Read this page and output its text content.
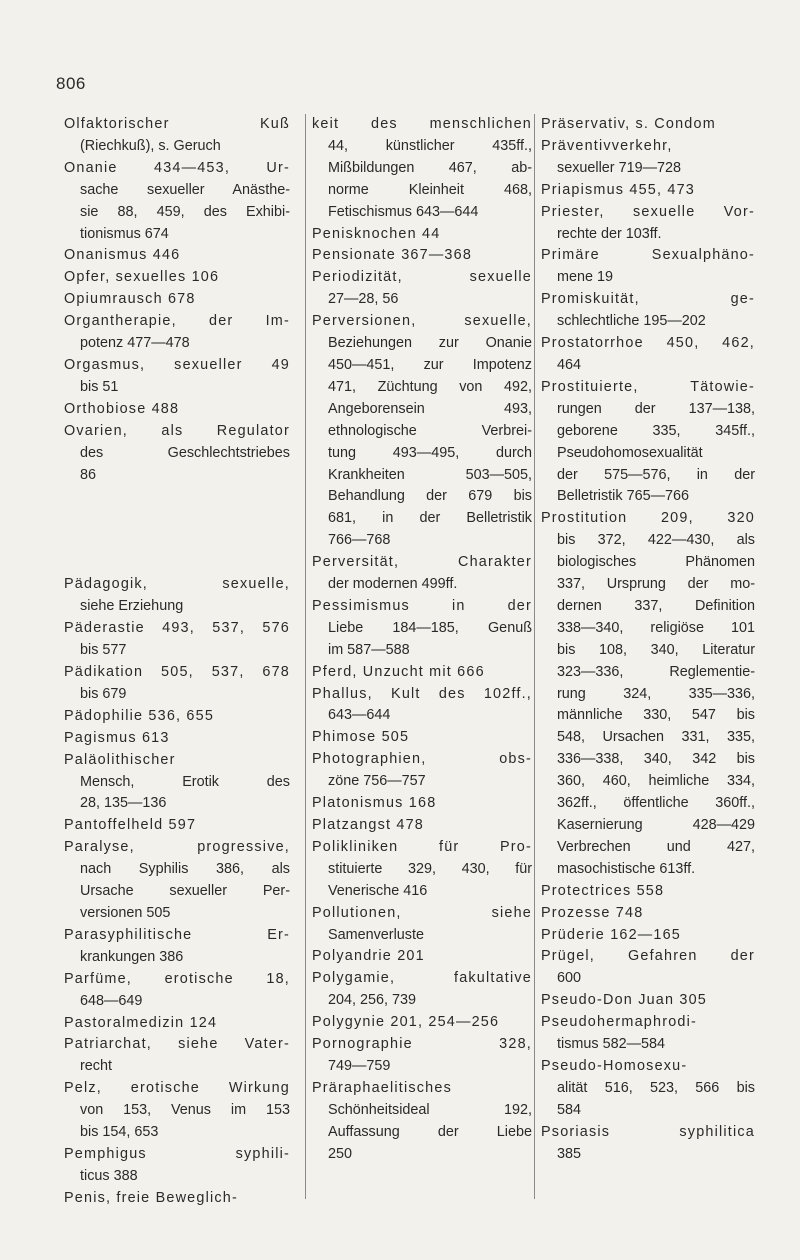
806
Olfaktorischer Kuß
(Riechkuß), s. Geruch
Onanie 434—453, Ur-
sache sexueller Anästhe-
sie 88, 459, des Exhibi-
tionismus 674
Onanismus 446
Opfer, sexuelles 106
Opiumrausch 678
Organtherapie, der Im-
potenz 477—478
Orgasmus, sexueller 49
bis 51
Orthobiose 488
Ovarien, als Regulator
des Geschlechtstriebes
86
Pädagogik, sexuelle,
siehe Erziehung
Päderastie 493, 537, 576
bis 577
Pädikation 505, 537, 678
bis 679
Pädophilie 536, 655
Pagismus 613
Paläolithischer
Mensch, Erotik des
28, 135—136
Pantoffelheld 597
Paralyse, progressive,
nach Syphilis 386, als
Ursache sexueller Per-
versionen 505
Parasyphilitische Er-
krankungen 386
Parfüme, erotische 18,
648—649
Pastoralmedizin 124
Patriarchat, siehe Vater-
recht
Pelz, erotische Wirkung
von 153, Venus im 153
bis 154, 653
Pemphigus syphili-
ticus 388
Penis, freie Beweglich-
keit des menschlichen
44, künstlicher 435ff.,
Mißbildungen 467, ab-
norme Kleinheit 468,
Fetischismus 643—644
Penisknochen 44
Pensionate 367—368
Periodizität, sexuelle
27—28, 56
Perversionen, sexuelle,
Beziehungen zur Onanie
450—451, zur Impotenz
471, Züchtung von 492,
Angeborensein 493,
ethnologische Verbrei-
tung 493—495, durch
Krankheiten 503—505,
Behandlung der 679 bis
681, in der Belletristik
766—768
Perversität, Charakter
der modernen 499ff.
Pessimismus in der
Liebe 184—185, Genuß
im 587—588
Pferd, Unzucht mit 666
Phallus, Kult des 102ff.,
643—644
Phimose 505
Photographien, obs-
zöne 756—757
Platonismus 168
Platzangst 478
Polikliniken für Pro-
stituierte 329, 430, für
Venerische 416
Pollutionen, siehe
Samenverluste
Polyandrie 201
Polygamie, fakultative
204, 256, 739
Polygynie 201, 254—256
Pornographie 328,
749—759
Präraphaelitisches
Schönheitsideal 192,
Auffassung der Liebe
250
Präservativ, s. Condom
Präventivverkehr,
sexueller 719—728
Priapismus 455, 473
Priester, sexuelle Vor-
rechte der 103ff.
Primäre Sexualphäno-
mene 19
Promiskuität, ge-
schlechtliche 195—202
Prostatorrhoe 450, 462,
464
Prostituierte, Tätowie-
rungen der 137—138,
geborene 335, 345ff.,
Pseudohomosexualität
der 575—576, in der
Belletristik 765—766
Prostitution 209, 320
bis 372, 422—430, als
biologisches Phänomen
337, Ursprung der mo-
dernen 337, Definition
338—340, religiöse 101
bis 108, 340, Literatur
323—336, Reglementie-
rung 324, 335—336,
männliche 330, 547 bis
548, Ursachen 331, 335,
336—338, 340, 342 bis
360, 460, heimliche 334,
362ff., öffentliche 360ff.,
Kasernierung 428—429
Verbrechen und 427,
masochistische 613ff.
Protectrices 558
Prozesse 748
Prüderie 162—165
Prügel, Gefahren der
600
Pseudo-Don Juan 305
Pseudohermaphrodi-
tismus 582—584
Pseudo-Homosexu-
alität 516, 523, 566 bis
584
Psoriasis syphilitica
385
